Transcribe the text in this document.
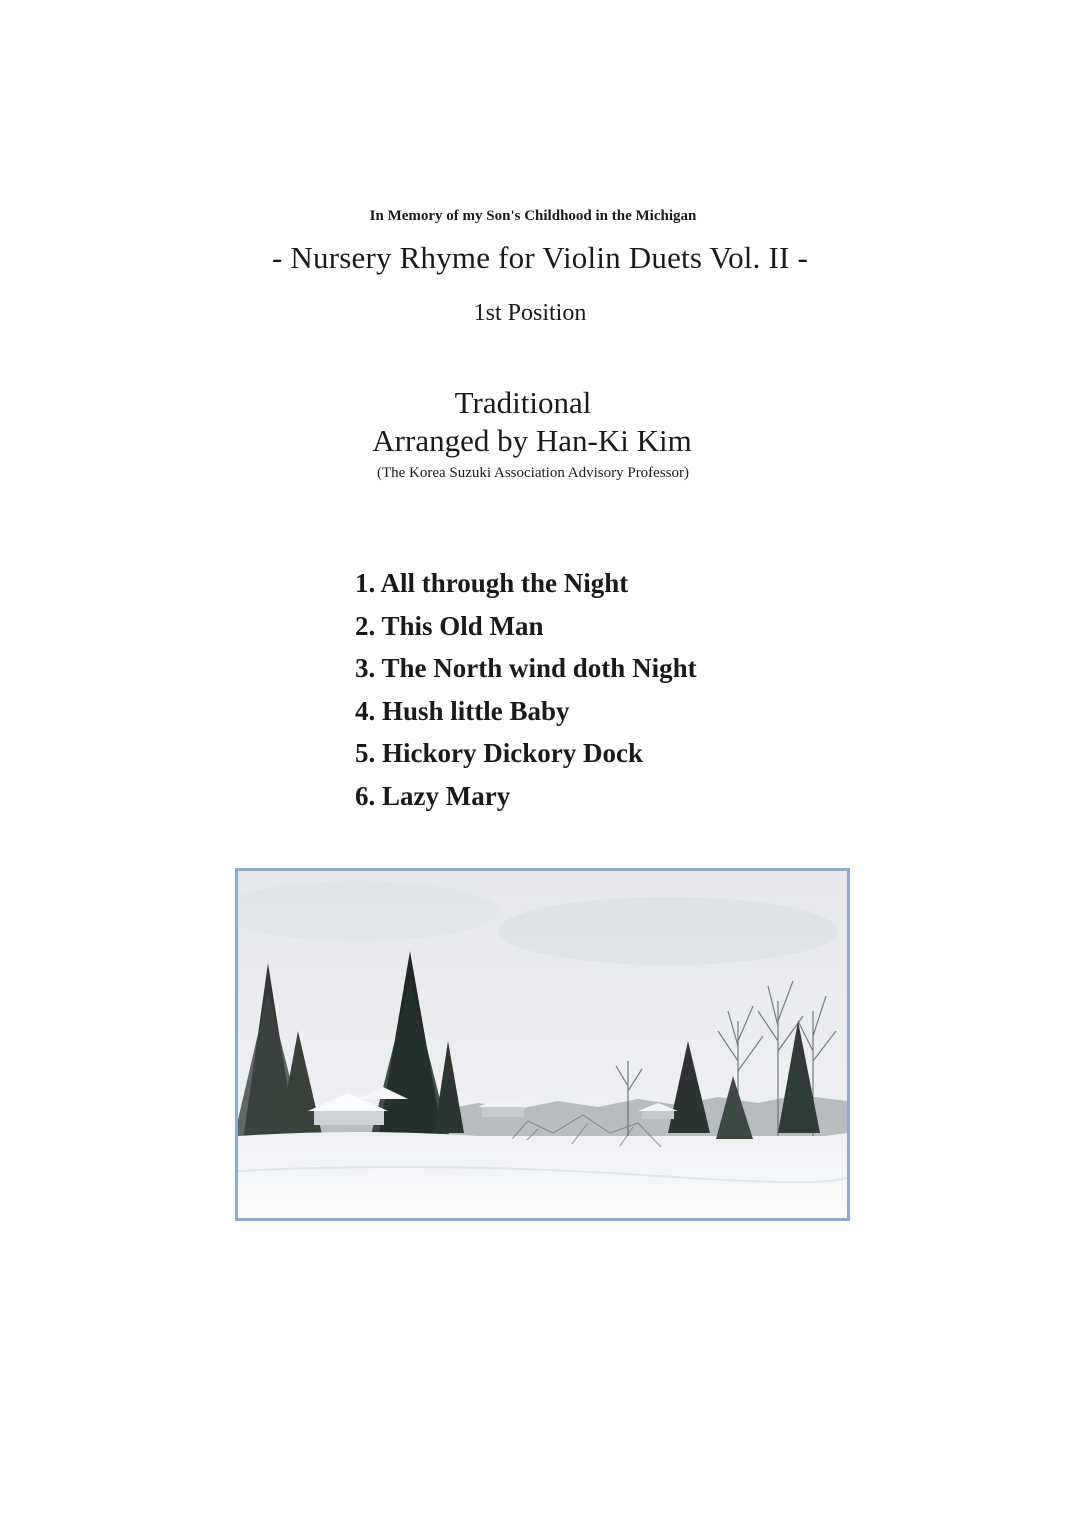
In Memory of my Son's Childhood in the Michigan
- Nursery Rhyme for Violin Duets Vol. II -
1st Position
Traditional
Arranged by Han-Ki Kim
(The Korea Suzuki Association Advisory Professor)
1. All through the Night
2. This Old Man
3. The North wind doth Night
4. Hush little Baby
5. Hickory Dickory Dock
6. Lazy Mary
